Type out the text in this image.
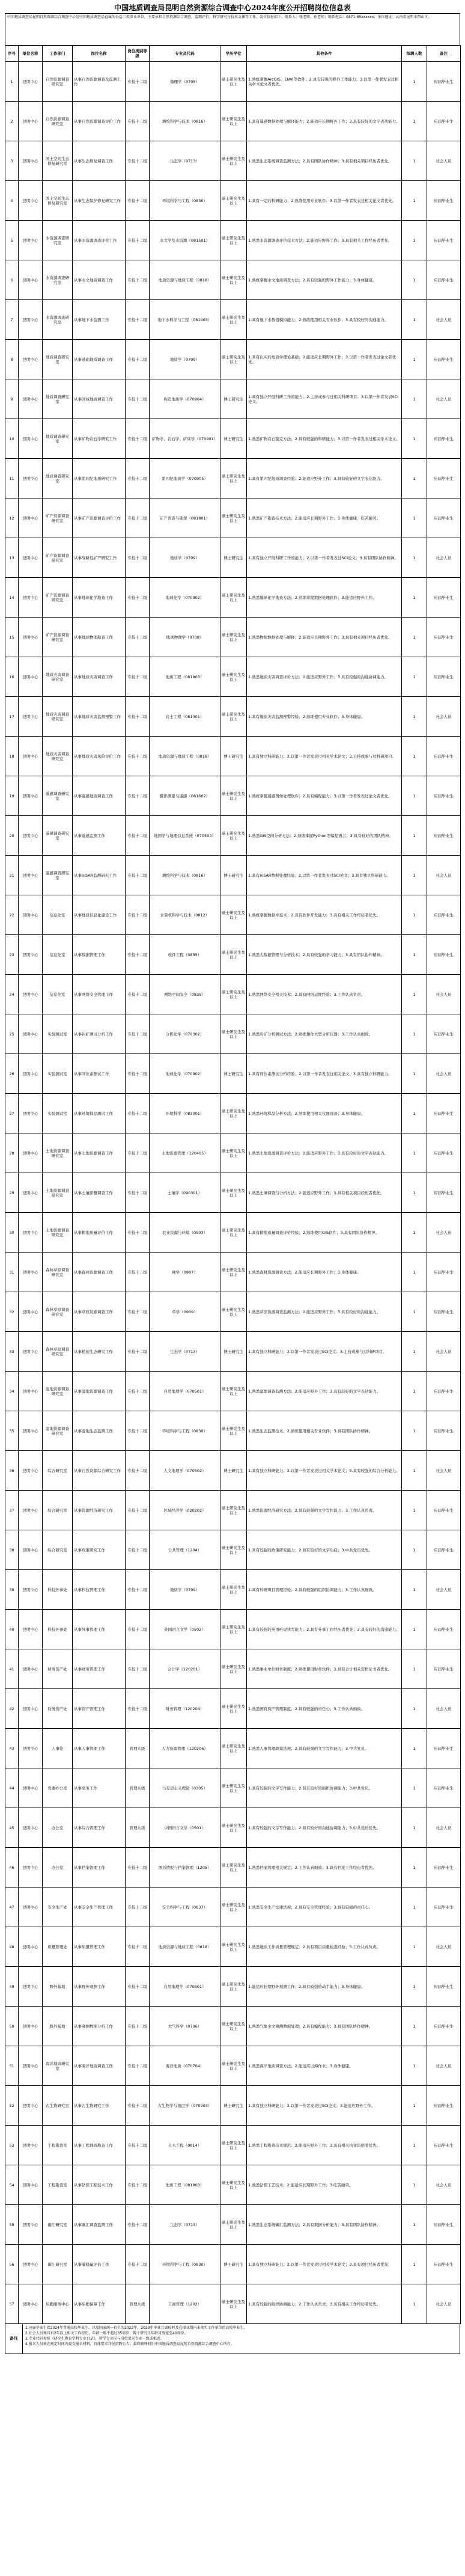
中国地质调查局昆明自然资源综合调查中心2024年度公开招聘岗位信息表
中国地质调查局昆明自然资源综合调查中心是中国地质调查局直属的公益二类事业单位，主要承担自然资源综合调查、监测评价、科学研究与技术支撑等工作，岗位信息如下。联系人：张老师、孙老师；联系电话：0871-65xxxxxx；单位地址：云南省昆明市西山区。
序号	单位名称	工作部门	岗位名称	岗位类别等级	专业及代码	学历学位	其他条件	拟聘人数	备注
1	昆明中心	自然资源调查研究室	从事自然资源调查及监测工作	专技十二级	地理学（0705）	硕士研究生及以上	1.熟练掌握ArcGIS、ENVI等软件；2.具有较强的野外工作能力；3.以第一作者发表过相关学术论文者优先。	1	应届毕业生
2	昆明中心	自然资源调查研究室	从事自然资源调查评价工作	专技十二级	测绘科学与技术（0816）	硕士研究生及以上	1.具有遥感数据处理与解译能力；2.能适应长期野外工作；3.具有较好的文字表达能力。	1	应届毕业生
3	昆明中心	国土空间生态修复研究室	从事生态修复调查工作	专技十二级	生态学（0713）	硕士研究生及以上	1.熟悉生态系统调查监测方法；2.具有团队协作精神；3.具有相关项目经历者优先。	1	社会人员
4	昆明中心	国土空间生态修复研究室	从事生态保护修复研究工作	专技十二级	环境科学与工程（0830）	硕士研究生及以上	1.具有一定的科研能力；2.熟练使用专业软件；3.以第一作者发表过相关论文者优先。	1	应届毕业生
5	昆明中心	水资源调查研究室	从事水资源调查评价工作	专技十二级	水文学及水资源（081501）	硕士研究生及以上	1.熟悉水资源调查评价技术方法；2.能适应野外工作；3.具有相关工作经历者优先。	1	应届毕业生
6	昆明中心	水资源调查研究室	从事水文地质调查工作	专技十二级	地质资源与地质工程（0818）	硕士研究生及以上	1.熟练掌握水文地质调查方法；2.具有较强的野外工作能力；3.身体健康。	1	应届毕业生
7	昆明中心	水资源调查研究室	从事地下水监测工作	专技十二级	地下水科学与工程（081403）	硕士研究生及以上	1.具有地下水数值模拟能力；2.熟练使用相关专业软件；3.具有较好的沟通能力。	1	社会人员
8	昆明中心	地质调查研究室	从事基础地质调查工作	专技十二级	地质学（0709）	硕士研究生及以上	1.具有扎实的地质学理论基础；2.能适应长期野外工作；3.以第一作者发表过论文者优先。	1	应届毕业生
9	昆明中心	地质调查研究室	从事区域地质调查工作	专技十二级	构造地质学（070904）	博士研究生	1.具有独立开展科研工作的能力；2.主持或参与过相关科研项目；3.以第一作者发表SCI论文。	1	社会人员
10	昆明中心	地质调查研究室	从事矿物岩石学研究工作	专技十二级	矿物学、岩石学、矿床学（070901）	博士研究生	1.熟悉矿物岩石鉴定方法；2.具有较强的科研能力；3.以第一作者发表过相关学术论文。	1	应届毕业生
11	昆明中心	地质调查研究室	从事第四纪地质研究工作	专技十二级	第四纪地质学（070905）	硕士研究生及以上	1.具有第四纪地质调查经验；2.能适应野外工作；3.具有较好的文字表达能力。	1	应届毕业生
12	昆明中心	矿产资源调查研究室	从事矿产资源调查评价工作	专技十二级	矿产普查与勘探（081801）	硕士研究生及以上	1.熟悉矿产勘查技术方法；2.能适应长期野外工作；3.身体健康，吃苦耐劳。	1	应届毕业生
13	昆明中心	矿产资源调查研究室	从事战略性矿产研究工作	专技十二级	地质学（0709）	博士研究生	1.具有独立开展科研工作的能力；2.以第一作者发表过SCI论文；3.具有团队协作精神。	1	社会人员
14	昆明中心	矿产资源调查研究室	从事地球化学勘查工作	专技十二级	地球化学（070902）	硕士研究生及以上	1.熟悉地球化学勘查方法；2.熟练掌握数据处理软件；3.能适应野外工作。	1	应届毕业生
15	昆明中心	矿产资源调查研究室	从事地球物理勘查工作	专技十二级	地球物理学（0708）	硕士研究生及以上	1.熟悉物探数据处理与解释；2.能适应长期野外工作；3.具有相关项目经历者优先。	1	应届毕业生
16	昆明中心	地质灾害调查研究室	从事地质灾害调查工作	专技十二级	地质工程（081803）	硕士研究生及以上	1.熟悉地质灾害调查评价方法；2.能适应野外工作；3.具有较强的沟通协调能力。	1	应届毕业生
17	昆明中心	地质灾害调查研究室	从事地质灾害监测预警工作	专技十二级	岩土工程（081401）	硕士研究生及以上	1.具有地质灾害监测预警经验；2.熟练使用专业软件；3.身体健康。	1	社会人员
18	昆明中心	地质灾害调查研究室	从事地质灾害风险评价工作	专技十二级	地质资源与地质工程（0818）	博士研究生	1.具有独立科研能力；2.以第一作者发表过相关学术论文；3.主持或参与过科研项目。	1	应届毕业生
19	昆明中心	遥感调查研究室	从事遥感地质调查工作	专技十二级	摄影测量与遥感（081602）	硕士研究生及以上	1.熟练掌握遥感图像处理软件；2.具有编程能力；3.以第一作者发表过论文者优先。	1	应届毕业生
20	昆明中心	遥感调查研究室	从事遥感监测工作	专技十二级	地图学与地理信息系统（070503）	硕士研究生及以上	1.熟悉GIS空间分析方法；2.熟练掌握Python等编程语言；3.具有较好的团队精神。	1	应届毕业生
21	昆明中心	遥感调查研究室	从事InSAR监测研究工作	专技十二级	测绘科学与技术（0816）	博士研究生	1.具有InSAR数据处理经验；2.以第一作者发表过SCI论文；3.具有独立科研能力。	1	社会人员
22	昆明中心	信息化室	从事地质信息化建设工作	专技十二级	计算机科学与技术（0812）	硕士研究生及以上	1.熟练掌握数据库技术；2.具有软件开发能力；3.具有相关工作经历者优先。	1	应届毕业生
23	昆明中心	信息化室	从事数据管理工作	专技十二级	软件工程（0835）	硕士研究生及以上	1.熟悉大数据管理与分析技术；2.具有较强的学习能力；3.具有团队协作精神。	1	应届毕业生
24	昆明中心	信息化室	从事网络安全管理工作	专技十二级	网络空间安全（0839）	硕士研究生及以上	1.熟悉网络安全相关技术；2.具有网络运维经验；3.工作认真负责。	1	社会人员
25	昆明中心	实验测试室	从事岩矿测试分析工作	专技十二级	分析化学（070302）	硕士研究生及以上	1.熟悉岩矿分析测试方法；2.熟练操作大型分析仪器；3.工作认真细致。	1	应届毕业生
26	昆明中心	实验测试室	从事同位素测试工作	专技十二级	地球化学（070902）	博士研究生	1.具有同位素测试分析经验；2.以第一作者发表过相关论文；3.具有独立科研能力。	1	社会人员
27	昆明中心	实验测试室	从事环境样品测试工作	专技十二级	环境科学（083001）	硕士研究生及以上	1.熟悉环境样品分析方法；2.熟练使用相关仪器设备；3.身体健康。	1	应届毕业生
28	昆明中心	土地资源调查研究室	从事土地资源调查工作	专技十二级	土地资源管理（120405）	硕士研究生及以上	1.熟悉土地资源调查评价方法；2.能适应野外工作；3.具有较好的文字表达能力。	1	应届毕业生
29	昆明中心	土地资源调查研究室	从事土壤质量调查工作	专技十二级	土壤学（090301）	硕士研究生及以上	1.熟悉土壤调查与分析方法；2.能适应野外工作；3.具有相关项目经历者优先。	1	应届毕业生
30	昆明中心	土地资源调查研究室	从事耕地质量评价工作	专技十二级	农业资源与环境（0903）	硕士研究生及以上	1.具有耕地质量调查评价经验；2.熟练使用GIS软件；3.具有团队协作精神。	1	社会人员
31	昆明中心	森林草原调查研究室	从事森林资源调查工作	专技十二级	林学（0907）	硕士研究生及以上	1.熟悉森林资源调查方法；2.能适应长期野外工作；3.身体健康。	1	应届毕业生
32	昆明中心	森林草原调查研究室	从事草原资源调查工作	专技十二级	草学（0909）	硕士研究生及以上	1.熟悉草原资源调查监测方法；2.能适应野外工作；3.具有较好的沟通能力。	1	应届毕业生
33	昆明中心	森林草原调查研究室	从事植被生态研究工作	专技十二级	生态学（0713）	博士研究生	1.具有独立科研能力；2.以第一作者发表过SCI论文；3.主持或参与过科研项目。	1	社会人员
34	昆明中心	湿地资源调查研究室	从事湿地资源调查工作	专技十二级	自然地理学（070501）	硕士研究生及以上	1.熟悉湿地调查监测方法；2.能适应野外工作；3.具有较好的文字表达能力。	1	应届毕业生
35	昆明中心	湿地资源调查研究室	从事湿地生态监测工作	专技十二级	环境科学与工程（0830）	硕士研究生及以上	1.熟悉生态监测技术；2.熟练使用相关专业软件；3.具有团队协作精神。	1	应届毕业生
36	昆明中心	综合研究室	从事自然资源综合研究工作	专技十二级	人文地理学（070502）	博士研究生	1.具有独立科研能力；2.以第一作者发表过相关学术论文；3.具有较强的综合分析能力。	1	社会人员
37	昆明中心	综合研究室	从事资源经济研究工作	专技十二级	区域经济学（020202）	硕士研究生及以上	1.熟悉资源经济研究方法；2.具有较强的文字写作能力；3.工作认真负责。	1	应届毕业生
38	昆明中心	综合研究室	从事政策研究工作	专技十二级	公共管理（1204）	硕士研究生及以上	1.具有较强的政策研究能力；2.具有较好的文字功底；3.中共党员优先。	1	应届毕业生
39	昆明中心	科技外事处	从事科技管理工作	专技十二级	地质学（0709）	硕士研究生及以上	1.具有科研项目管理经验；2.具有较强的组织协调能力；3.工作认真细致。	1	社会人员
40	昆明中心	科技外事处	从事外事管理工作	专技十二级	外国语言文学（0502）	硕士研究生及以上	1.具有较强的英语听说读写能力；2.具有外事工作经历者优先；3.具有较好的沟通能力。	1	应届毕业生
41	昆明中心	财务资产处	从事财务管理工作	专技十二级	会计学（120201）	硕士研究生及以上	1.熟悉事业单位财务制度；2.熟练使用财务软件；3.具有会计相关资格证书者优先。	1	应届毕业生
42	昆明中心	财务资产处	从事资产管理工作	专技十二级	财务管理（120204）	硕士研究生及以上	1.熟悉国有资产管理制度；2.具有较强的责任心；3.工作认真细致。	1	社会人员
43	昆明中心	人事处	从事人事管理工作	管理九级	人力资源管理（120206）	硕士研究生及以上	1.熟悉人事管理政策法规；2.具有较强的文字写作能力；3.中共党员。	1	应届毕业生
44	昆明中心	党委办公室	从事党务工作	管理九级	马克思主义理论（0305）	硕士研究生及以上	1.具有较强的文字写作能力；2.具有较好的组织协调能力；3.中共党员。	1	应届毕业生
45	昆明中心	办公室	从事综合管理工作	管理九级	中国语言文学（0501）	硕士研究生及以上	1.具有较强的文字写作能力；2.具有较好的沟通协调能力；3.中共党员优先。	1	社会人员
46	昆明中心	办公室	从事档案管理工作	专技十二级	图书情报与档案管理（1205）	硕士研究生及以上	1.熟悉档案管理相关规定；2.工作认真细致；3.具有档案工作经历者优先。	1	应届毕业生
47	昆明中心	安全生产处	从事安全生产管理工作	专技十二级	安全科学与工程（0837）	硕士研究生及以上	1.熟悉安全生产法律法规；2.具有安全管理经验；3.具有较强的责任心。	1	应届毕业生
48	昆明中心	质量管理处	从事质量管理工作	专技十二级	地质资源与地质工程（0818）	硕士研究生及以上	1.熟悉地质工作质量管理规定；2.具有项目质量检查经验；3.工作认真负责。	1	社会人员
49	昆明中心	野外基地	从事野外观测工作	专技十二级	自然地理学（070501）	硕士研究生及以上	1.能适应长期野外观测工作；2.具有较强的动手能力；3.身体健康。	1	应届毕业生
50	昆明中心	野外基地	从事观测数据分析工作	专技十二级	大气科学（0706）	硕士研究生及以上	1.熟悉气象水文观测数据处理；2.具有编程能力；3.具有团队协作精神。	1	应届毕业生
51	昆明中心	海洋地质研究室	从事海洋地质调查工作	专技十二级	海洋地质（070704）	硕士研究生及以上	1.熟悉海洋地质调查方法；2.能适应出海作业；3.身体健康。	1	社会人员
52	昆明中心	古生物研究室	从事古生物研究工作	专技十二级	古生物学与地层学（070903）	博士研究生	1.具有独立科研能力；2.以第一作者发表过SCI论文；3.能适应野外工作。	1	应届毕业生
53	昆明中心	工程勘查室	从事工程地质勘查工作	专技十二级	土木工程（0814）	硕士研究生及以上	1.熟悉工程勘查技术规范；2.能适应野外工作；3.具有相关执业资格者优先。	1	应届毕业生
54	昆明中心	工程勘查室	从事钻探工程技术工作	专技十二级	地质工程（081803）	硕士研究生及以上	1.熟悉钻探工艺技术；2.能适应长期野外工作；3.吃苦耐劳。	1	社会人员
55	昆明中心	碳汇研究室	从事碳汇调查监测工作	专技十二级	生态学（0713）	硕士研究生及以上	1.熟悉生态系统碳汇监测方法；2.具有数据分析能力；3.具有团队协作精神。	1	应届毕业生
56	昆明中心	碳汇研究室	从事碳储量评估工作	专技十二级	环境科学与工程（0830）	博士研究生	1.具有独立科研能力；2.以第一作者发表过相关学术论文；3.具有项目经历者优先。	1	应届毕业生
57	昆明中心	后勤服务中心	从事后勤保障工作	管理九级	工商管理（1202）	硕士研究生及以上	1.具有较强的组织协调能力；2.工作认真负责；3.具有相关工作经历者优先。	1	社会人员
备注
1.应届毕业生指2024年普通高校毕业生，以及国家统一招生的2022年、2023年毕业且离校时及在择业期内未落实工作单位的高校毕业生。
2.社会人员须具有2年以上相关工作经历，年龄一般不超过35周岁，博士研究生年龄可放宽至40周岁。
3.专业代码参照《研究生教育学科专业目录》，所学专业应与岗位要求专业一致或相近。
4.报名人员须在规定时间内提交报名材料，具体要求详见招聘公告。最终解释权归中国地质调查局昆明自然资源综合调查中心所有。
